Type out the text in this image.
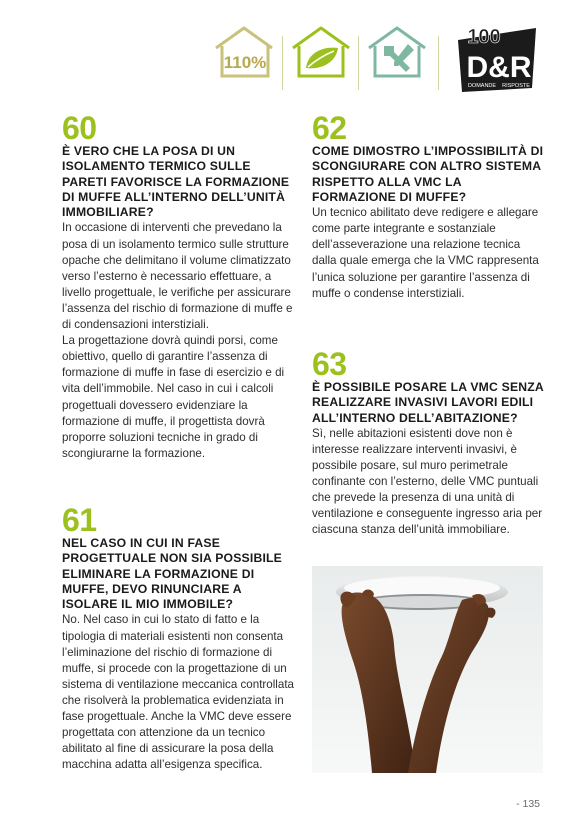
110%
100
D&R
DOMANDE RISPOSTE
60
È VERO CHE LA POSA DI UN ISOLAMENTO TERMICO SULLE PARETI FAVORISCE LA FORMAZIONE DI MUFFE ALL’INTERNO DELL’UNITÀ IMMOBILIARE?

In occasione di interventi che prevedano la posa di un isolamento termico sulle strutture opache che delimitano il volume climatizzato verso l’esterno è necessario effettuare, a livello progettuale, le verifiche per assicurare l’assenza del rischio di formazione di muffe e di condensazioni interstiziali.

La progettazione dovrà quindi porsi, come obiettivo, quello di garantire l’assenza di formazione di muffe in fase di esercizio e di vita dell’immobile. Nel caso in cui i calcoli progettuali dovessero evidenziare la formazione di muffe, il progettista dovrà proporre soluzioni tecniche in grado di scongiurarne la formazione.

61
NEL CASO IN CUI IN FASE PROGETTUALE NON SIA POSSIBILE ELIMINARE LA FORMAZIONE DI MUFFE, DEVO RINUNCIARE A ISOLARE IL MIO IMMOBILE?

No. Nel caso in cui lo stato di fatto e la tipologia di materiali esistenti non consenta l’eliminazione del rischio di formazione di muffe, si procede con la progettazione di un sistema di ventilazione meccanica controllata che risolverà la problematica evidenziata in fase progettuale. Anche la VMC deve essere progettata con attenzione da un tecnico abilitato al fine di assicurare la posa della macchina adatta all’esigenza specifica.

62
COME DIMOSTRO L’IMPOSSIBILITÀ DI SCONGIURARE CON ALTRO SISTEMA RISPETTO ALLA VMC LA FORMAZIONE DI MUFFE?

Un tecnico abilitato deve redigere e allegare come parte integrante e sostanziale dell’asseverazione una relazione tecnica dalla quale emerga che la VMC rappresenta l’unica soluzione per garantire l’assenza di muffe o condense interstiziali.

63
È POSSIBILE POSARE LA VMC SENZA REALIZZARE INVASIVI LAVORI EDILI ALL’INTERNO DELL’ABITAZIONE?

Sì, nelle abitazioni esistenti dove non è interesse realizzare interventi invasivi, è possibile posare, sul muro perimetrale confinante con l’esterno, delle VMC puntuali che prevede la presenza di una unità di ventilazione e conseguente ingresso aria per ciascuna stanza dell’unità immobiliare.

- 135
